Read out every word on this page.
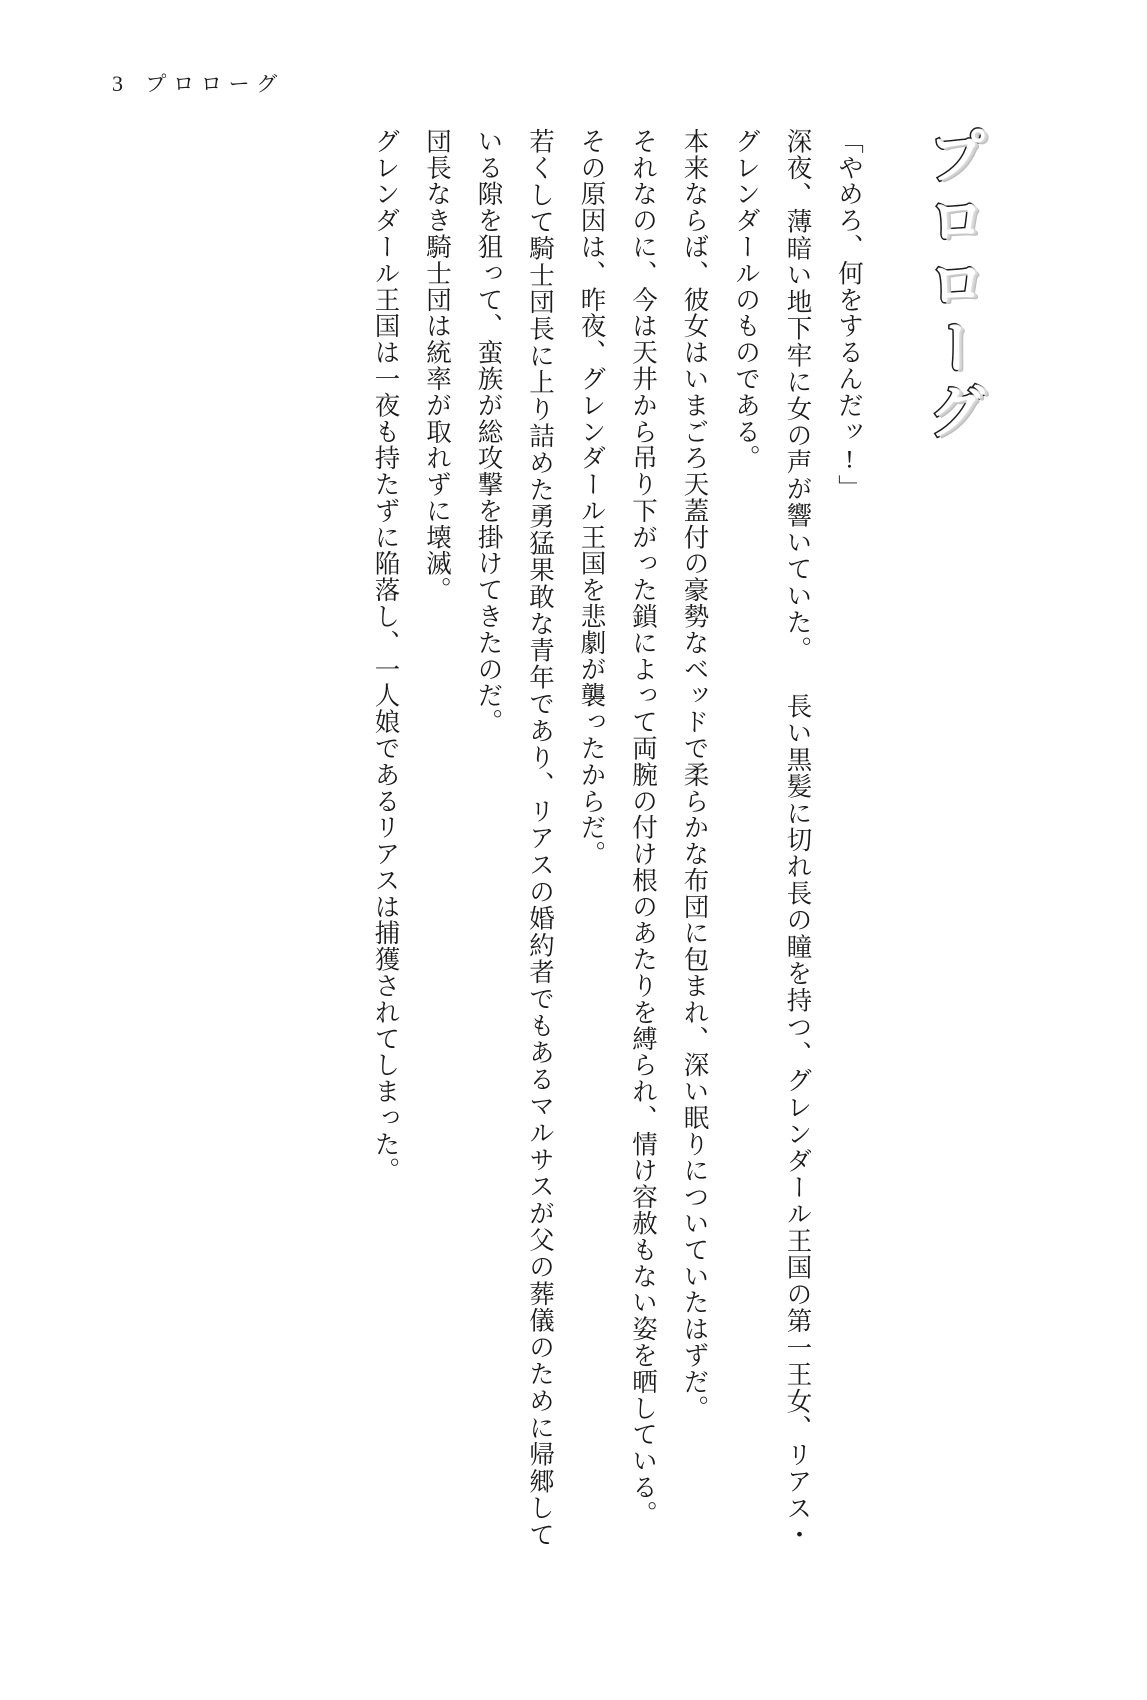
3 プロローグ
プロローグ

「やめろ、何をするんだッ!」

深夜、薄暗い地下牢に女の声が響いていた。 長い黒髪に切れ長の瞳を持つ、グレンダール王国の第一王女、リアス・グレンダールのものである。

本来ならば、彼女はいまごろ天蓋付の豪勢なベッドで柔らかな布団に包まれ、深い眠りについていたはずだ。

それなのに、今は天井から吊り下がった鎖によって両腕の付け根のあたりを縛られ、情け容赦もない姿を晒している。

その原因は、昨夜、グレンダール王国を悲劇が襲ったからだ。

若くして騎士団長に上り詰めた勇猛果敢な青年であり、リアスの婚約者でもあるマルサスが父の葬儀のために帰郷している隙を狙って、蛮族が総攻撃を掛けてきたのだ。

団長なき騎士団は統率が取れずに壊滅。

グレンダール王国は一夜も持たずに陥落し、一人娘であるリアスは捕獲されてしまった。
